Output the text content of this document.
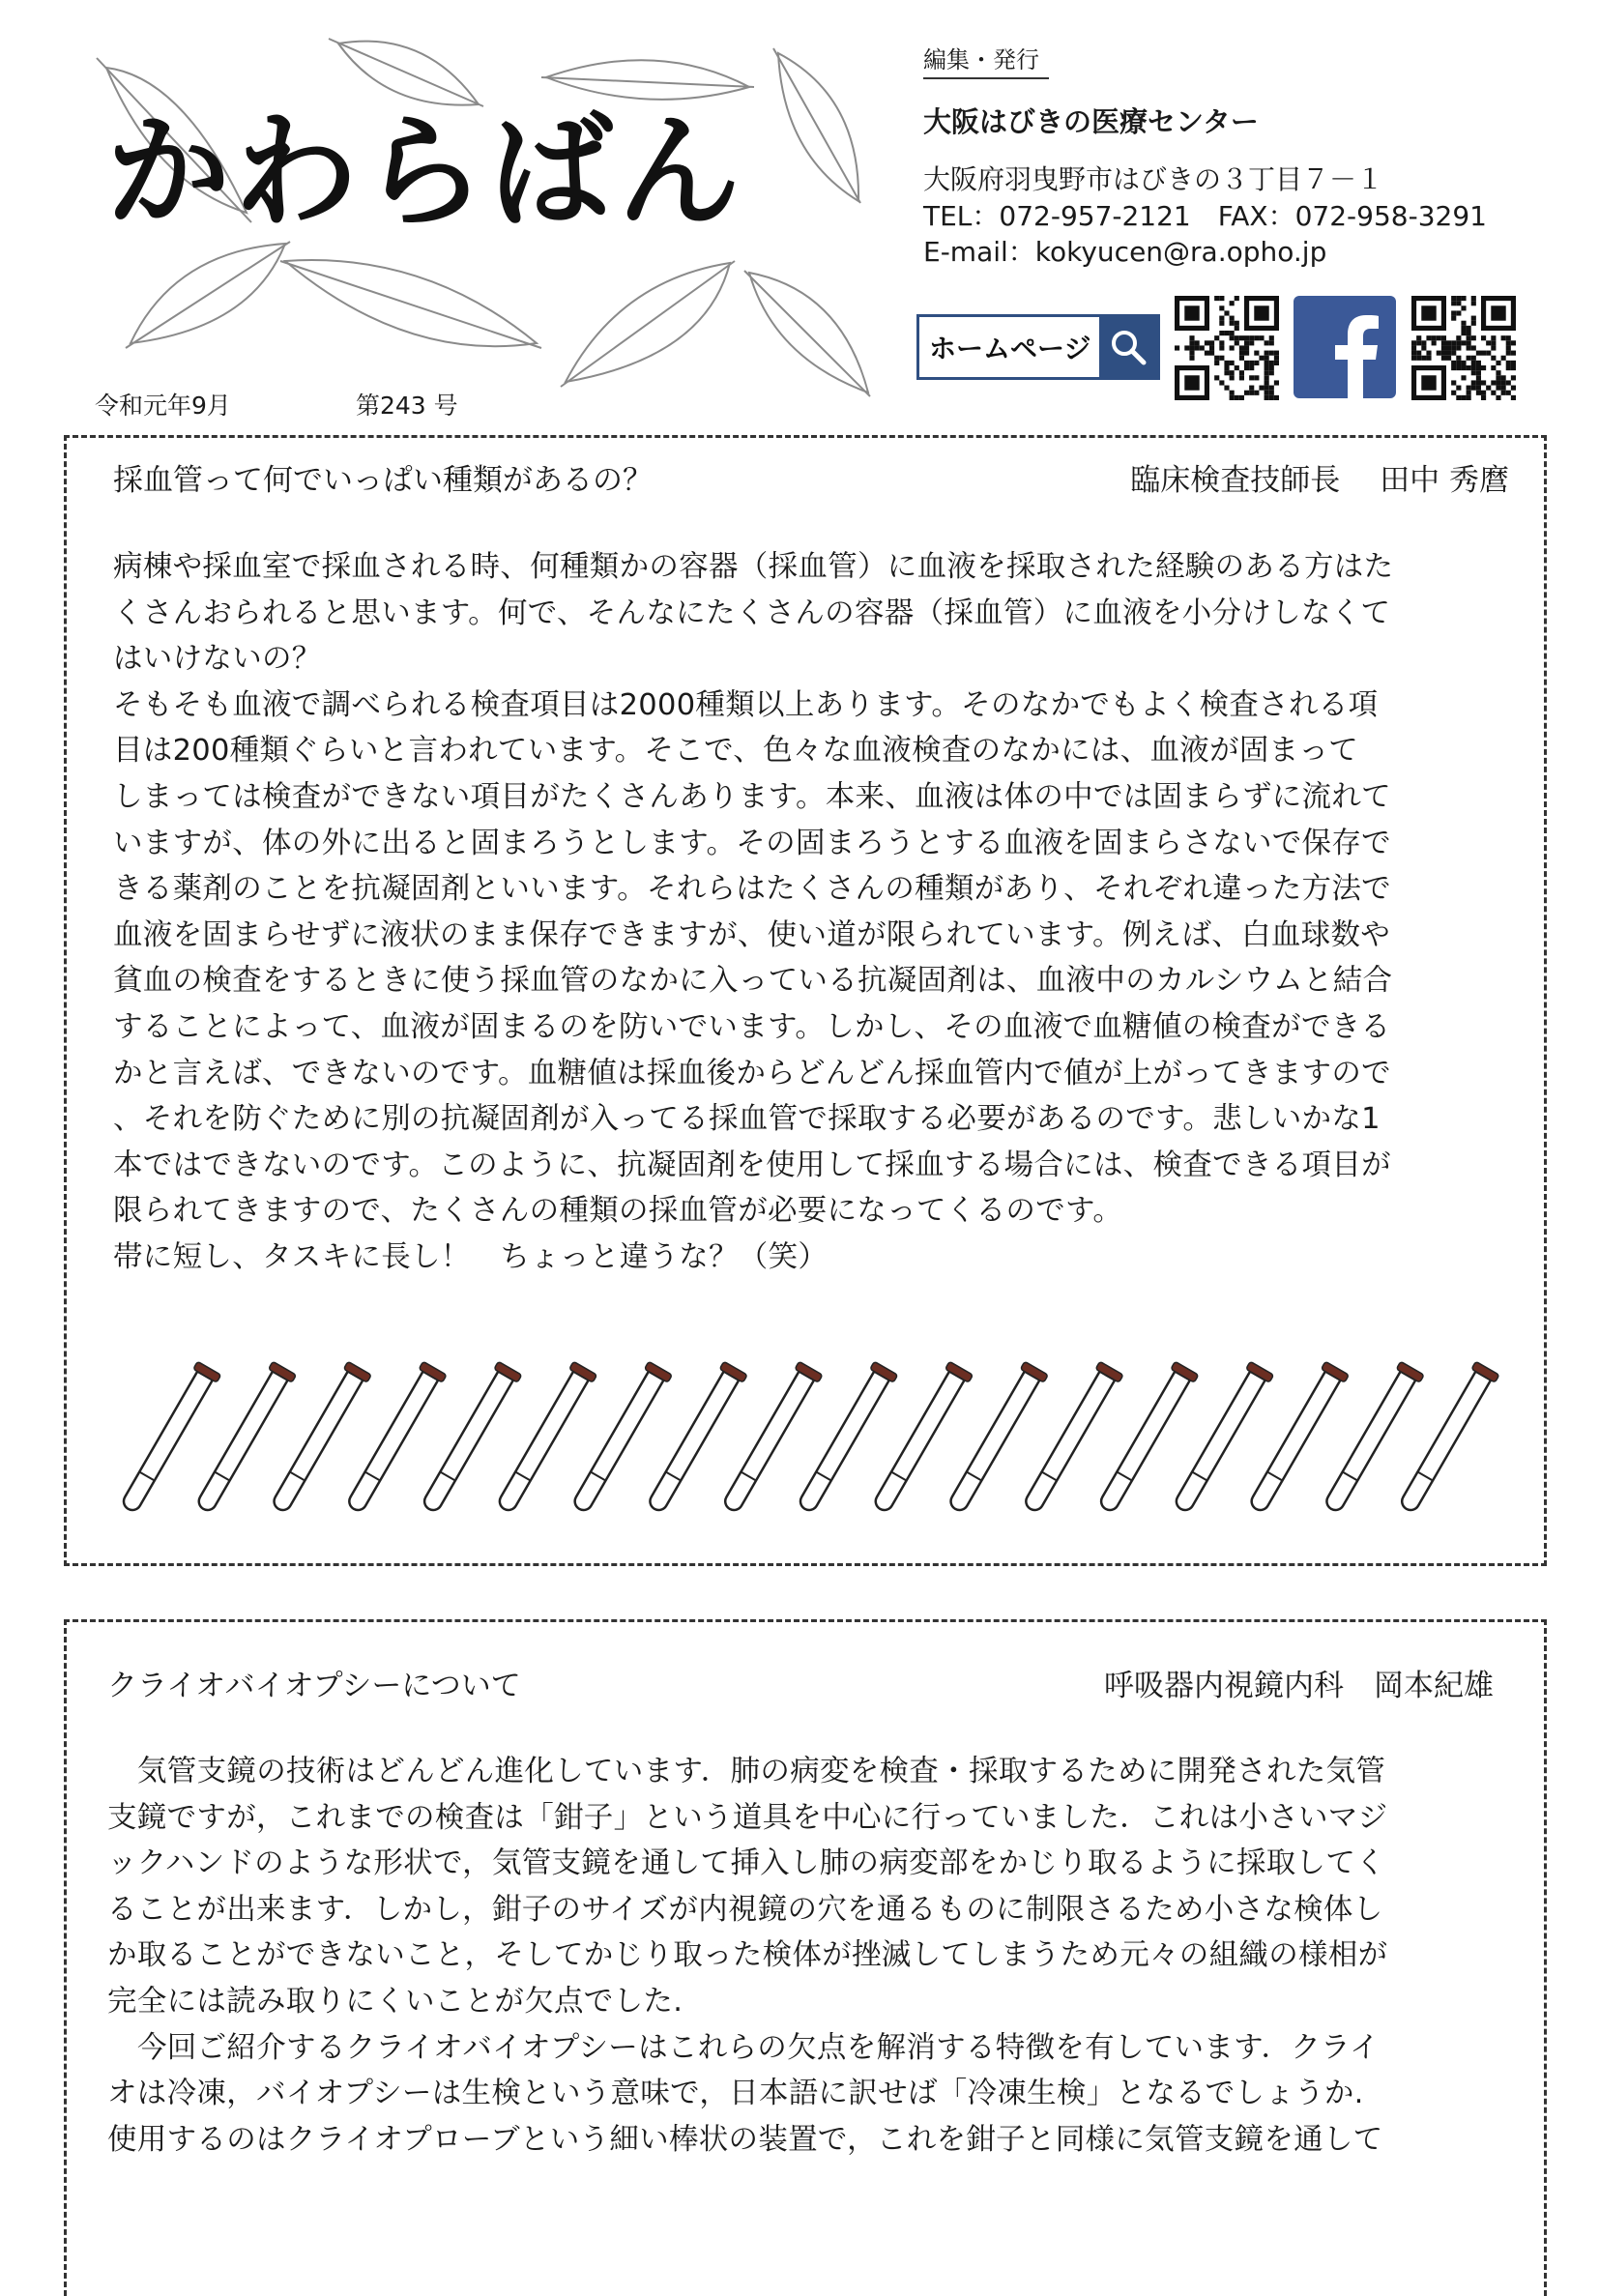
かわらばん
令和元年9月	第243 号
編集・発行
大阪はびきの医療センター
大阪府羽曳野市はびきの３丁目７－１
TEL：072-957-2121　FAX：072-958-3291
E-mail：kokyucen@ra.opho.jp
ホームページ
採血管って何でいっぱい種類があるの？	臨床検査技師長　 田中 秀麿

病棟や採血室で採血される時、何種類かの容器（採血管）に血液を採取された経験のある方はた

くさんおられると思います。何で、そんなにたくさんの容器（採血管）に血液を小分けしなくて

はいけないの？

そもそも血液で調べられる検査項目は2000種類以上あります。そのなかでもよく検査される項

目は200種類ぐらいと言われています。そこで、色々な血液検査のなかには、血液が固まって

しまっては検査ができない項目がたくさんあります。本来、血液は体の中では固まらずに流れて

いますが、体の外に出ると固まろうとします。その固まろうとする血液を固まらさないで保存で

きる薬剤のことを抗凝固剤といいます。それらはたくさんの種類があり、それぞれ違った方法で

血液を固まらせずに液状のまま保存できますが、使い道が限られています。例えば、白血球数や

貧血の検査をするときに使う採血管のなかに入っている抗凝固剤は、血液中のカルシウムと結合

することによって、血液が固まるのを防いでいます。しかし、その血液で血糖値の検査ができる

かと言えば、できないのです。血糖値は採血後からどんどん採血管内で値が上がってきますので

、それを防ぐために別の抗凝固剤が入ってる採血管で採取する必要があるのです。悲しいかな1

本ではできないのです。このように、抗凝固剤を使用して採血する場合には、検査できる項目が

限られてきますので、たくさんの種類の採血管が必要になってくるのです。

帯に短し、タスキに長し！　ちょっと違うな？（笑）

クライオバイオプシーについて	呼吸器内視鏡内科　岡本紀雄

気管支鏡の技術はどんどん進化しています．肺の病変を検査・採取するために開発された気管

支鏡ですが，これまでの検査は「鉗子」という道具を中心に行っていました．これは小さいマジ

ックハンドのような形状で，気管支鏡を通して挿入し肺の病変部をかじり取るように採取してく

ることが出来ます．しかし，鉗子のサイズが内視鏡の穴を通るものに制限さるため小さな検体し

か取ることができないこと，そしてかじり取った検体が挫滅してしまうため元々の組織の様相が

完全には読み取りにくいことが欠点でした.

今回ご紹介するクライオバイオプシーはこれらの欠点を解消する特徴を有しています．クライ

オは冷凍，バイオプシーは生検という意味で，日本語に訳せば「冷凍生検」となるでしょうか.

使用するのはクライオプローブという細い棒状の装置で，これを鉗子と同様に気管支鏡を通して
